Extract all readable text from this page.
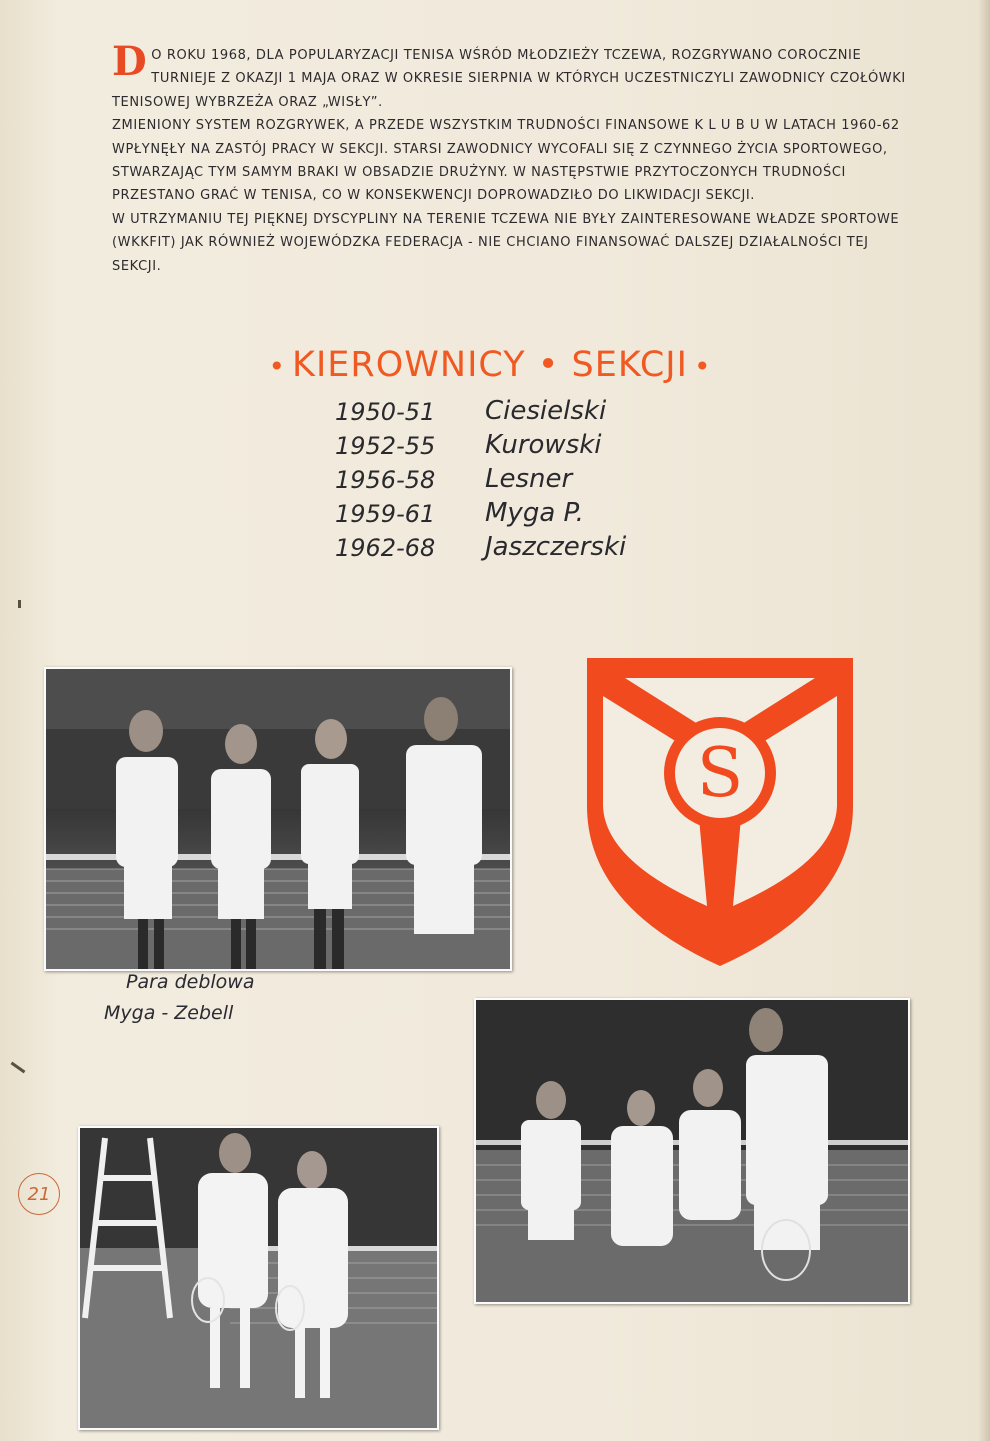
D O ROKU 1968, DLA POPULARYZACJI TENISA WŚRÓD MŁODZIEŻY TCZEWA, ROZGRYWANO COROCZNIE TURNIEJE Z OKAZJI 1 MAJA ORAZ W OKRESIE SIERPNIA W KTÓRYCH UCZESTNICZYLI ZAWODNICY CZOŁÓWKI TENISOWEJ WYBRZEŻA ORAZ „WISŁY”.

ZMIENIONY SYSTEM ROZGRYWEK, A PRZEDE WSZYSTKIM TRUDNOŚCI FINANSOWE K L U B U W LATACH 1960-62 WPŁYNĘŁY NA ZASTÓJ PRACY W SEKCJI. STARSI ZAWODNICY WYCOFALI SIĘ Z CZYNNEGO ŻYCIA SPORTOWEGO, STWARZAJĄC TYM SAMYM BRAKI W OBSADZIE DRUŻYNY. W NASTĘPSTWIE PRZYTOCZONYCH TRUDNOŚCI PRZESTANO GRAĆ W TENISA, CO W KONSEKWENCJI DOPROWADZIŁO DO LIKWIDACJI SEKCJI.

W UTRZYMANIU TEJ PIĘKNEJ DYSCYPLINY NA TERENIE TCZEWA NIE BYŁY ZAINTERESOWANE WŁADZE SPORTOWE (WKKFIT) JAK RÓWNIEŻ WOJEWÓDZKA FEDERACJA - NIE CHCIANO FINANSOWAĆ DALSZEJ DZIAŁALNOŚCI TEJ SEKCJI.

• KIEROWNICY • SEKCJI •
1950-51 Ciesielski
1952-55 Kurowski
1956-58 Lesner
1959-61 Myga P.
1962-68 Jaszczerski
Para deblowa
Myga - Zebell
S
21
